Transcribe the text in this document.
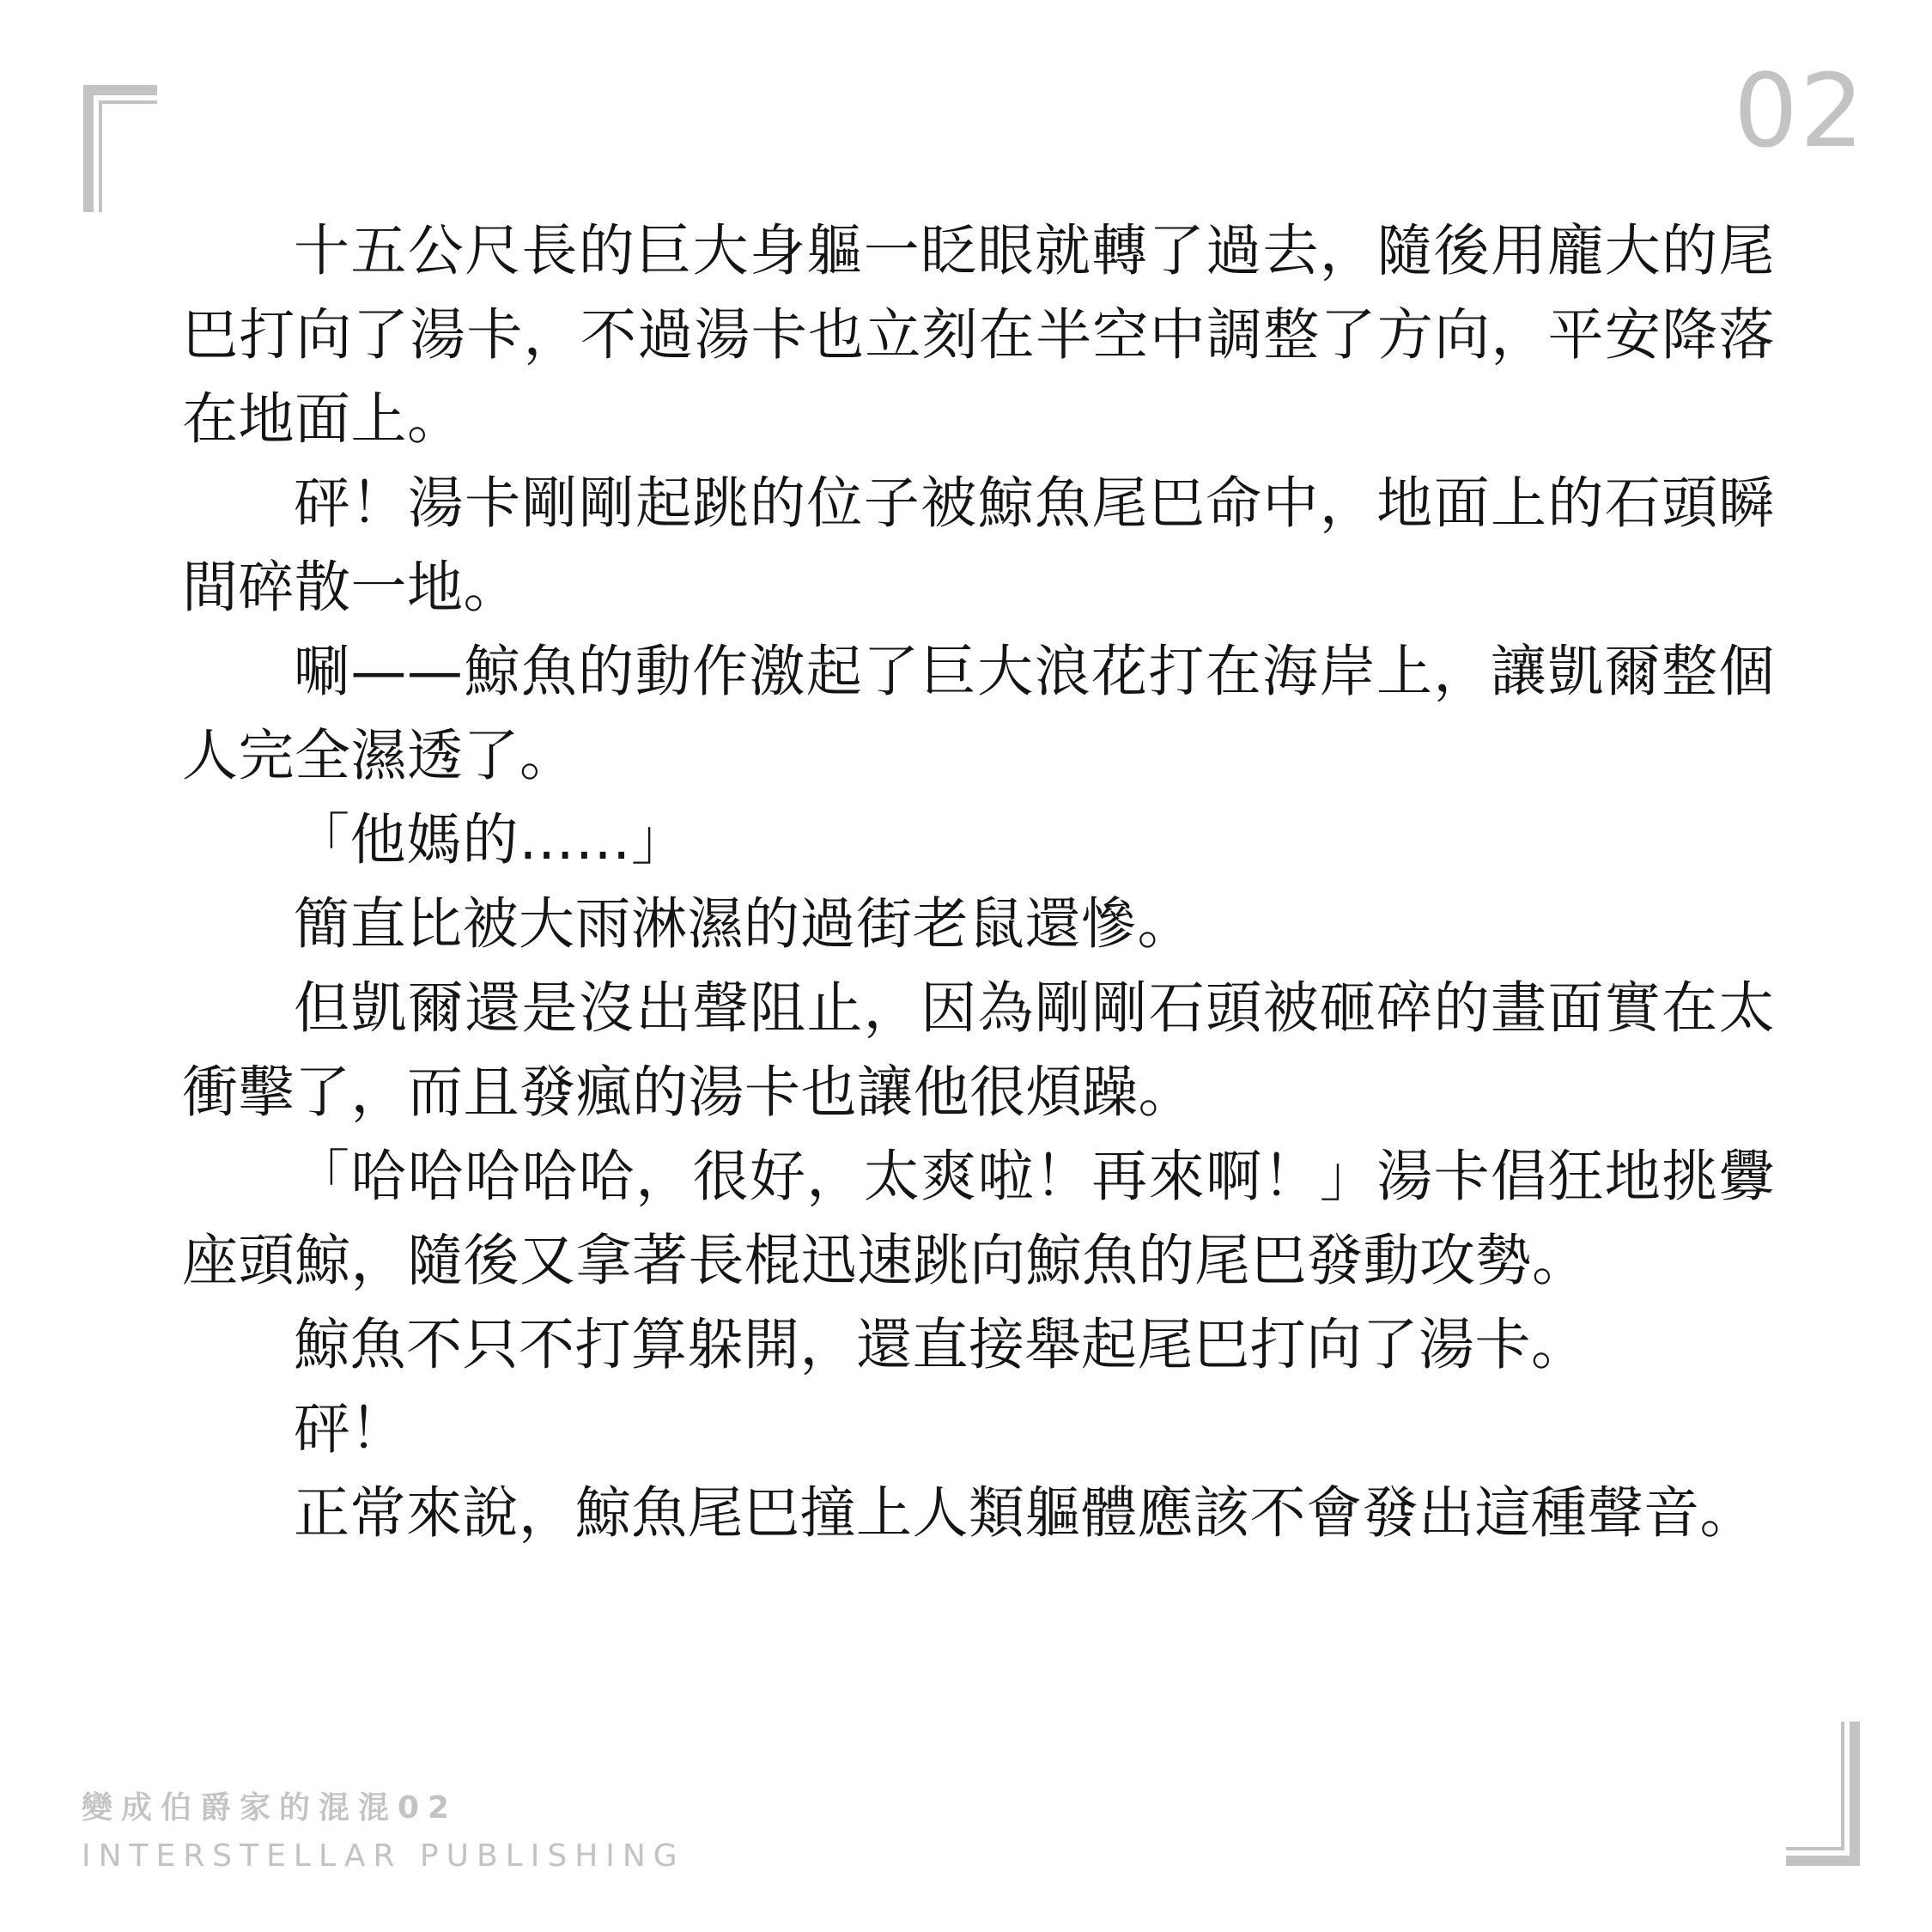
02

十五公尺長的巨大身軀一眨眼就轉了過去，隨後用龐大的尾巴打向了湯卡，不過湯卡也立刻在半空中調整了方向，平安降落在地面上。

砰！湯卡剛剛起跳的位子被鯨魚尾巴命中，地面上的石頭瞬間碎散一地。

唰——鯨魚的動作激起了巨大浪花打在海岸上，讓凱爾整個人完全濕透了。

「他媽的……」

簡直比被大雨淋濕的過街老鼠還慘。

但凱爾還是沒出聲阻止，因為剛剛石頭被砸碎的畫面實在太衝擊了，而且發瘋的湯卡也讓他很煩躁。

「哈哈哈哈哈，很好，太爽啦！再來啊！」湯卡倡狂地挑釁座頭鯨，隨後又拿著長棍迅速跳向鯨魚的尾巴發動攻勢。

鯨魚不只不打算躲開，還直接舉起尾巴打向了湯卡。

砰！

正常來說，鯨魚尾巴撞上人類軀體應該不會發出這種聲音。

變成伯爵家的混混02
INTERSTELLAR PUBLISHING
